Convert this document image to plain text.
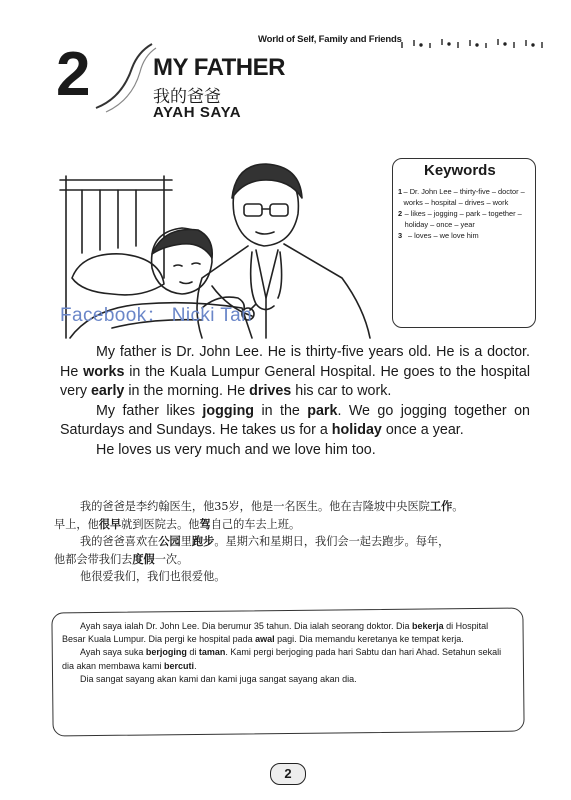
World of Self, Family and Friends
2	MY FATHER
我的爸爸
AYAH SAYA
Facebook： Nicki Tan
Keywords
1 – Dr. John Lee – thirty-five – doctor – works – hospital – drives – work
2 – likes – jogging – park – together – holiday – once – year
3 – loves – we love him

My father is Dr. John Lee. He is thirty-five years old. He is a doctor. He works in the Kuala Lumpur General Hospital. He goes to the hospital very early in the morning. He drives his car to work.

My father likes jogging in the park. We go jogging together on Saturdays and Sundays. He takes us for a holiday once a year.

He loves us very much and we love him too.

我的爸爸是李约翰医生，他35岁，他是一名医生。他在吉隆坡中央医院工作。

早上，他很早就到医院去。他驾自己的车去上班。

我的爸爸喜欢在公园里跑步。星期六和星期日，我们会一起去跑步。每年，

他都会带我们去度假一次。

他很爱我们，我们也很爱他。

Ayah saya ialah Dr. John Lee. Dia berumur 35 tahun. Dia ialah seorang doktor. Dia bekerja di Hospital Besar Kuala Lumpur. Dia pergi ke hospital pada awal pagi. Dia memandu keretanya ke tempat kerja.

Ayah saya suka berjoging di taman. Kami pergi berjoging pada hari Sabtu dan hari Ahad. Setahun sekali dia akan membawa kami bercuti.

Dia sangat sayang akan kami dan kami juga sangat sayang akan dia.

2
